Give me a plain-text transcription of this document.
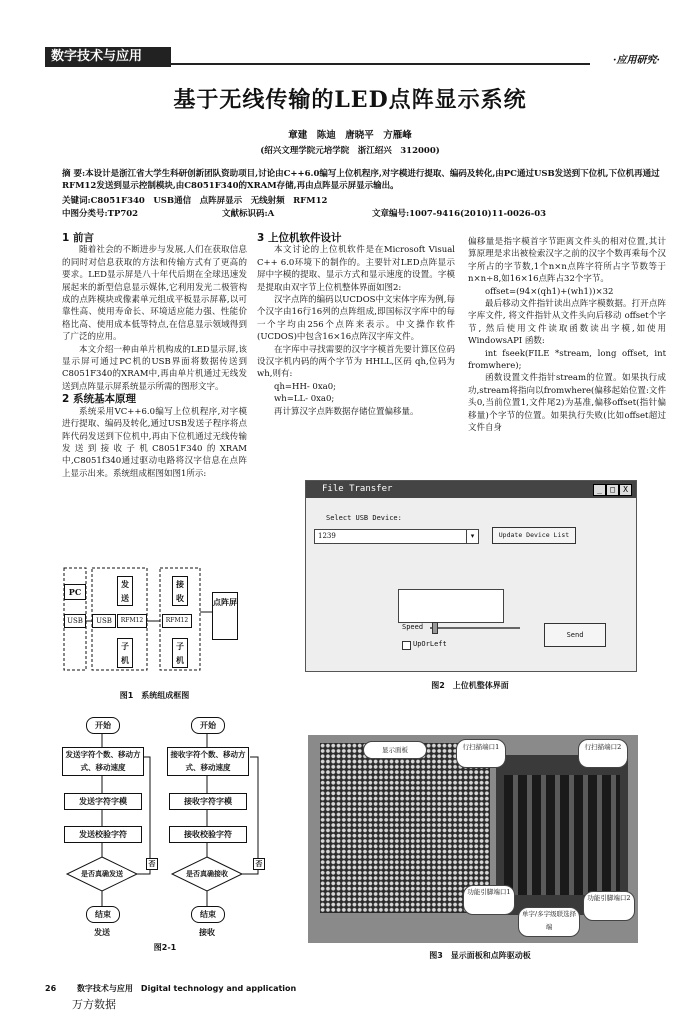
数字技术与应用	·应用研究·
基于无线传输的LED点阵显示系统
章建　陈迪　唐晓平　方雁峰
(绍兴文理学院元培学院　浙江绍兴　312000)
摘 要:本设计是浙江省大学生科研创新团队资助项目,讨论由C++6.0编写上位机程序,对字模进行提取、编码及转化,由PC通过USB发送到下位机,下位机再通过RFM12发送到显示控制模块,由C8051F340的XRAM存储,再由点阵显示屏显示输出。
关键词:C8051F340　USB通信　点阵屏显示　无线射频　RFM12
中图分类号:TP702	文献标识码:A	文章编号:1007-9416(2010)11-0026-03

1 前言

随着社会的不断进步与发展,人们在获取信息的同时对信息获取的方法和传输方式有了更高的要求。LED显示屏是八十年代后期在全球迅速发展起来的新型信息显示媒体,它利用发光二极管构成的点阵模块或像素单元组成平板显示屏幕,以可靠性高、使用寿命长、环境适应能力强、性能价格比高、使用成本低等特点,在信息显示领域得到了广泛的应用。

本文介绍一种由单片机构成的LED显示屏,该显示屏可通过PC机的USB界面将数据传送到C8051F340的XRAM中,再由单片机通过无线发送到点阵显示屏系统显示所需的图形文字。

2 系统基本原理

系统采用VC++6.0编写上位机程序,对字模进行提取、编码及转化,通过USB发送子程序将点阵代码发送到下位机中,再由下位机通过无线传输发送到接收子机C8051F340的XRAM中,C8051f340通过驱动电路将汉字信息在点阵上显示出来。系统组成框图如图1所示:

PC
USB	USB	RFM12
发送
子机
RFM12
接收
子机
点阵屏
图1　系统组成框图
开始
发送字符个数、移动方式、移动速度
发送字符字模
发送校验字符
是否真确发送
否
结束
发送
开始
接收字符个数、移动方式、移动速度
接收字符字模
接收校验字符
是否真确接收
否
结束
接收
图2-1

3 上位机软件设计

本文讨论的上位机软件是在Microsoft Visual C++ 6.0环境下的制作的。主要针对LED点阵显示屏中字模的提取、显示方式和显示速度的设置。字模是提取由双字节上位机整体界面如图2:

汉字点阵的编码以UCDOS中文宋体字库为例,每个汉字由16行16列的点阵组成,即国标汉字库中的每一个字均由256个点阵来表示。中文操作软件(UCDOS)中包含16×16点阵汉字库文件。

在字库中寻找需要的汉字字模首先要计算区位码设汉字机内码的两个字节为 HHLL,区码 qh,位码为 wh,则有:

qh=HH- 0xa0;

wh=LL- 0xa0;

再计算汉字点阵数据存储位置偏移量。

偏移量是指字模首字节距离文件头的相对位置,其计算原理是求出被检索汉字之前的汉字个数再乘每个汉字所占的字节数,1个n×n点阵字符所占字节数等于n×n÷8,如16×16点阵占32个字节。

offset=(94×(qh1)+(wh1))×32

最后移动文件指针读出点阵字模数据。打开点阵字库文件, 将文件指针从文件头向后移动 offset个字节, 然后使用文件读取函数读出字模,如使用WindowsAPI 函数:

int fseek(FILE *stream, long offset, int fromwhere);

函数设置文件指针stream的位置。如果执行成功,stream将指向以fromwhere(偏移起始位置:文件头0,当前位置1,文件尾2)为基准,偏移offset(指针偏移量)个字节的位置。如果执行失败(比如offset超过文件自身

File Transfer	_	□	X
Select USB Device:
1239	▾	Update Device List
Speed
UpOrLeft
Send
图2　上位机整体界面
显示面板	行扫描端口1	行扫描端口2
功能引脚端口1
功能引脚端口2
单字/多字级联选择端
图3　显示面板和点阵驱动板
26	数字技术与应用　Digital technology and application
万方数据
